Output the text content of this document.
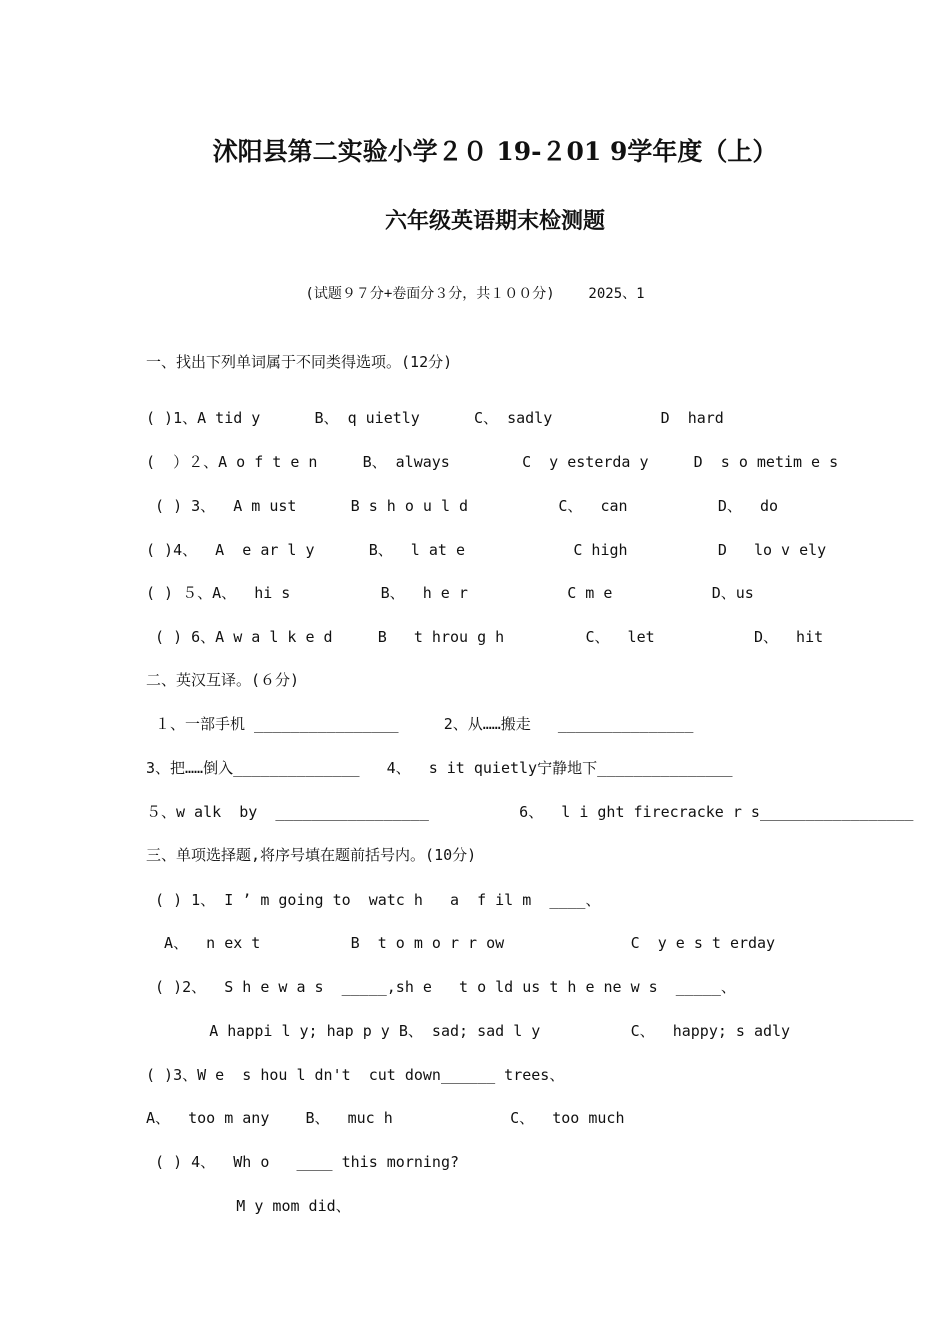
沭阳县第二实验小学２０ 19-２01 9学年度（上）
六年级英语期末检测题
(试题９７分+卷面分３分，共１００分)    2025、1
一、找出下列单词属于不同类得选项。(12分)
( )1、A tid y      B、 q uietly      C、 sadly            D  hard
(  ）２、A o f t e n     B、 always        C  y esterda y     D  s o metim e s
( ) 3、  A m ust      B s h o u l d          C、  can          D、  do
( )4、  A  e ar l y      B、  l at e            C high          D   lo v ely
( ) ５、A、  hi s          B、  h e r           C m e           D、us
( ) 6、A w a l k e d     B   t hrou g h         C、  let           D、  hit
二、英汉互译。(６分)
１、一部手机 ________________     2、从……搬走   _______________
3、把……倒入______________   4、  s it quietly宁静地下_______________
５、w alk  by  _________________          6、  l i ght firecracke r s_________________
三、单项选择题,将序号填在题前括号内。(10分)
( ) 1、 I ’ m going to  watc h   a  f il m  ____、
A、  n ex t          B  t o m o r r ow              C  y e s t erday
( )2、  S h e w a s  _____,sh e   t o ld us t h e ne w s  _____、
A happi l y; hap p y B、 sad; sad l y          C、  happy; s adly
( )3、W e  s hou l dn't  cut down______ trees、
A、  too m any    B、  muc h             C、  too much
( ) 4、  Wh o   ____ this morning?
M y mom did、
